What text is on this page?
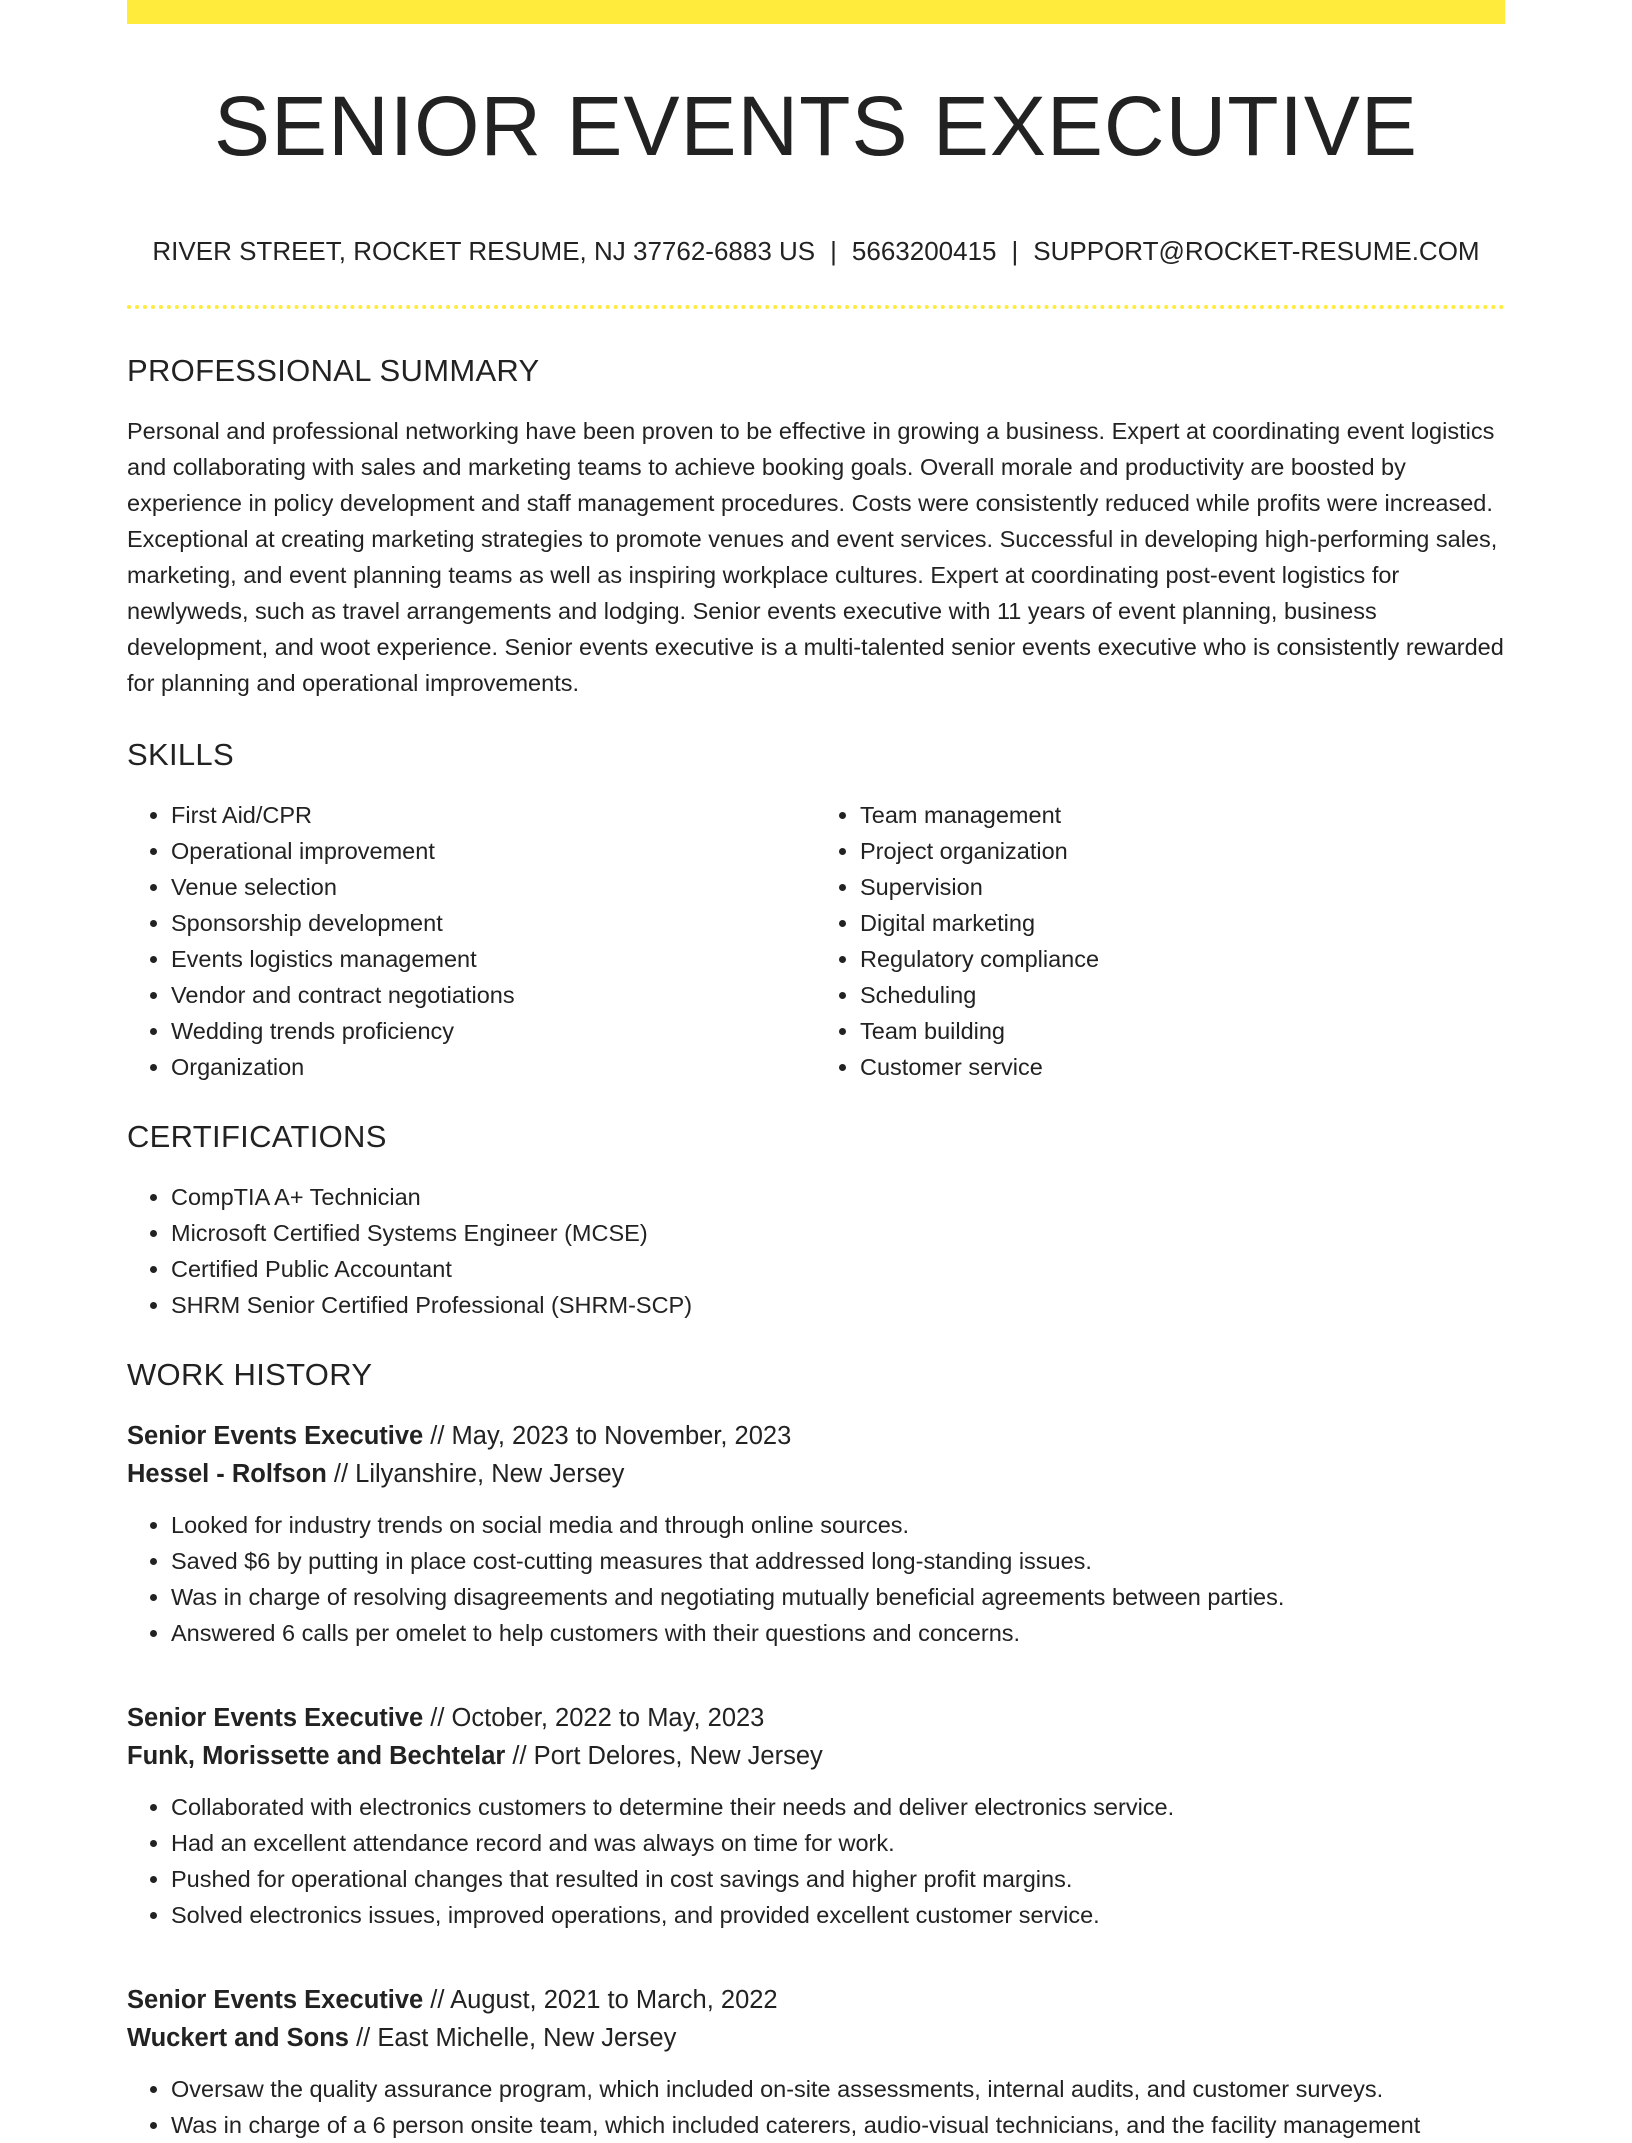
SENIOR EVENTS EXECUTIVE
RIVER STREET, ROCKET RESUME, NJ 37762-6883 US | 5663200415 | SUPPORT@ROCKET-RESUME.COM
PROFESSIONAL SUMMARY

Personal and professional networking have been proven to be effective in growing a business. Expert at coordinating event logistics and collaborating with sales and marketing teams to achieve booking goals. Overall morale and productivity are boosted by experience in policy development and staff management procedures. Costs were consistently reduced while profits were increased. Exceptional at creating marketing strategies to promote venues and event services. Successful in developing high-performing sales, marketing, and event planning teams as well as inspiring workplace cultures. Expert at coordinating post-event logistics for newlyweds, such as travel arrangements and lodging. Senior events executive with 11 years of event planning, business development, and woot experience. Senior events executive is a multi-talented senior events executive who is consistently rewarded for planning and operational improvements.

SKILLS
• First Aid/CPR
• Operational improvement
• Venue selection
• Sponsorship development
• Events logistics management
• Vendor and contract negotiations
• Wedding trends proficiency
• Organization
• Team management
• Project organization
• Supervision
• Digital marketing
• Regulatory compliance
• Scheduling
• Team building
• Customer service
CERTIFICATIONS
• CompTIA A+ Technician
• Microsoft Certified Systems Engineer (MCSE)
• Certified Public Accountant
• SHRM Senior Certified Professional (SHRM-SCP)
WORK HISTORY
Senior Events Executive // May, 2023 to November, 2023
Hessel - Rolfson // Lilyanshire, New Jersey
• Looked for industry trends on social media and through online sources.
• Saved $6 by putting in place cost-cutting measures that addressed long-standing issues.
• Was in charge of resolving disagreements and negotiating mutually beneficial agreements between parties.
• Answered 6 calls per omelet to help customers with their questions and concerns.
Senior Events Executive // October, 2022 to May, 2023
Funk, Morissette and Bechtelar // Port Delores, New Jersey
• Collaborated with electronics customers to determine their needs and deliver electronics service.
• Had an excellent attendance record and was always on time for work.
• Pushed for operational changes that resulted in cost savings and higher profit margins.
• Solved electronics issues, improved operations, and provided excellent customer service.
Senior Events Executive // August, 2021 to March, 2022
Wuckert and Sons // East Michelle, New Jersey
• Oversaw the quality assurance program, which included on-site assessments, internal audits, and customer surveys.
• Was in charge of a 6 person onsite team, which included caterers, audio-visual technicians, and the facility management
